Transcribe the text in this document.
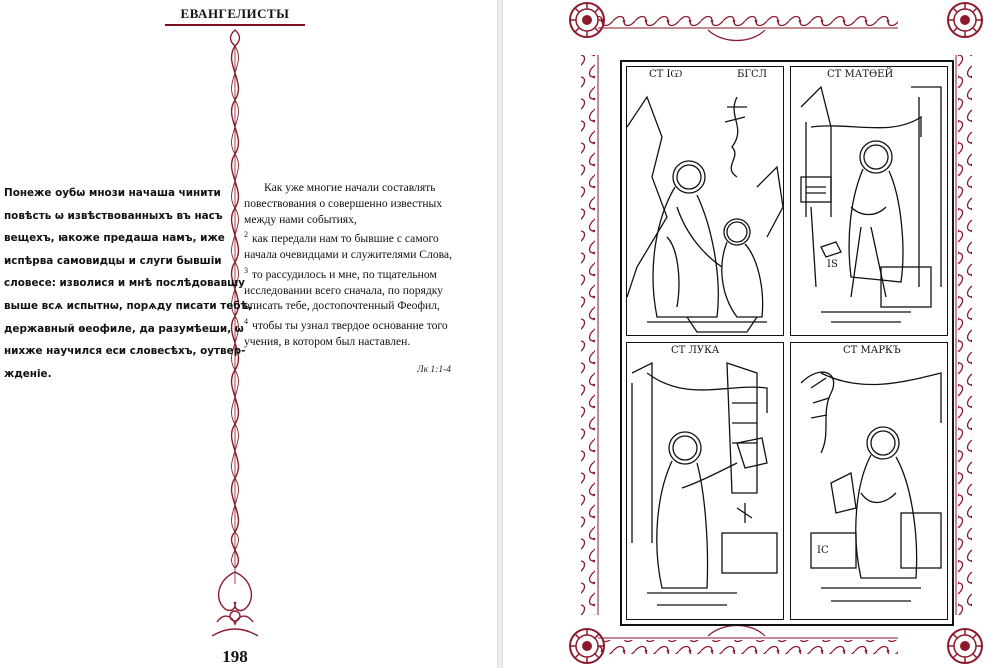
ЕВАНГЕЛИСТЫ
Понеже оубѡ мнози начаша чинити
повѣсть ѡ извѣствованныхъ въ насъ
вещехъ, ꙗкоже предаша намъ, иже
испѣрва самовидцы и слуги бывшiи
словесе: изволися и мнѣ послѣдовавшу
выше всѧ испытнѡ, порѧду писати тебѣ,
державный ѳеофиле, да разумѣеши, ѡ
нихже научился еси словесѣхъ, оутвер-
жденiе.
Как уже многие начали составлять повествования о совершенно известных между нами событиях,
$^2$ как передали нам то бывшие с самого начала очевидцами и служителями Слова,
$^3$ то рассудилось и мне, по тщательном исследовании всего сначала, по порядку описать тебе, достопочтенный Феофил,
$^4$ чтобы ты узнал твердое основание того учения, в котором был наставлен.
Лк 1:1-4
198
СТ ІѠ	БГСЛ	СТ МАТѲЕЙ
IS
СТ ЛУКА	СТ МАРКЪ
IC
